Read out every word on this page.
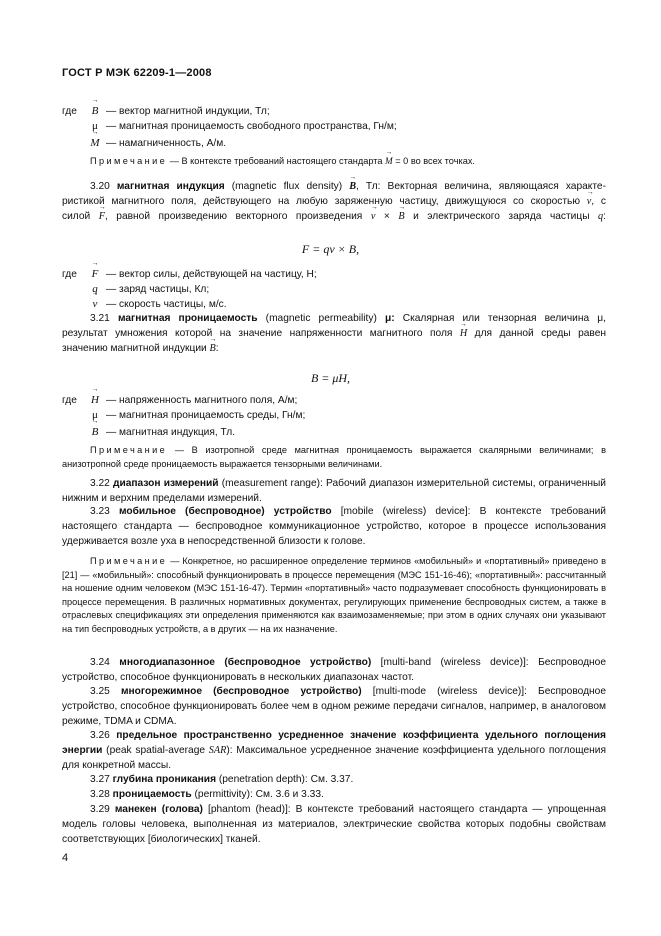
ГОСТ Р МЭК 62209-1—2008
где	B → — вектор магнитной индукции, Тл;
μ — магнитная проницаемость свободного пространства, Гн/м;
M → — намагниченность, А/м.
Примечание — В контексте требований настоящего стандарта M → = 0 во всех точках.
3.20 магнитная индукция (magnetic flux density) B →, Тл: Векторная величина, являющаяся характе-
ристикой магнитного поля, действующего на любую заряженную частицу, движущуюся со скоростью v →, с
силой F →, равной произведению векторного произведения v → × B → и электрического заряда частицы q:
F = qv × B,
где	F → — вектор силы, действующей на частицу, Н;
q — заряд частицы, Кл;
v → — скорость частицы, м/с.
3.21 магнитная проницаемость (magnetic permeability) μ: Скалярная или тензорная величина μ,
результат умножения которой на значение напряженности магнитного поля H → для данной среды равен
значению магнитной индукции B →:
B = μH,
где	H → — напряженность магнитного поля, А/м;
μ — магнитная проницаемость среды, Гн/м;
B → — магнитная индукция, Тл.
Примечание — В изотропной среде магнитная проницаемость выражается скалярными величинами; в анизотропной среде проницаемость выражается тензорными величинами.
3.22 диапазон измерений (measurement range): Рабочий диапазон измерительной системы, ограниченный нижним и верхним пределами измерений.
3.23 мобильное (беспроводное) устройство [mobile (wireless) device]: В контексте требований настоящего стандарта — беспроводное коммуникационное устройство, которое в процессе использования удерживается возле уха в непосредственной близости к голове.
Примечание — Конкретное, но расширенное определение терминов «мобильный» и «портативный» приведено в [21] — «мобильный»: способный функционировать в процессе перемещения (МЭС 151-16-46); «портативный»: рассчитанный на ношение одним человеком (МЭС 151-16-47). Термин «портативный» часто подразумевает способность функционировать в процессе перемещения. В различных нормативных документах, регулирующих применение беспроводных систем, а также в отраслевых спецификациях эти определения применяются как взаимозаменяемые; при этом в одних случаях они указывают на тип беспроводных устройств, а в других — на их назначение.
3.24 многодиапазонное (беспроводное устройство) [multi-band (wireless device)]: Беспроводное устройство, способное функционировать в нескольких диапазонах частот.
3.25 многорежимное (беспроводное устройство) [multi-mode (wireless device)]: Беспроводное устройство, способное функционировать более чем в одном режиме передачи сигналов, например, в аналоговом режиме, TDMA и CDMA.
3.26 предельное пространственно усредненное значение коэффициента удельного поглощения энергии (peak spatial-average SAR): Максимальное усредненное значение коэффициента удельного поглощения для конкретной массы.
3.27 глубина проникания (penetration depth): См. 3.37.
3.28 проницаемость (permittivity): См. 3.6 и 3.33.
3.29 манекен (голова) [phantom (head)]: В контексте требований настоящего стандарта — упрощенная модель головы человека, выполненная из материалов, электрические свойства которых подобны свойствам соответствующих [биологических] тканей.
4
